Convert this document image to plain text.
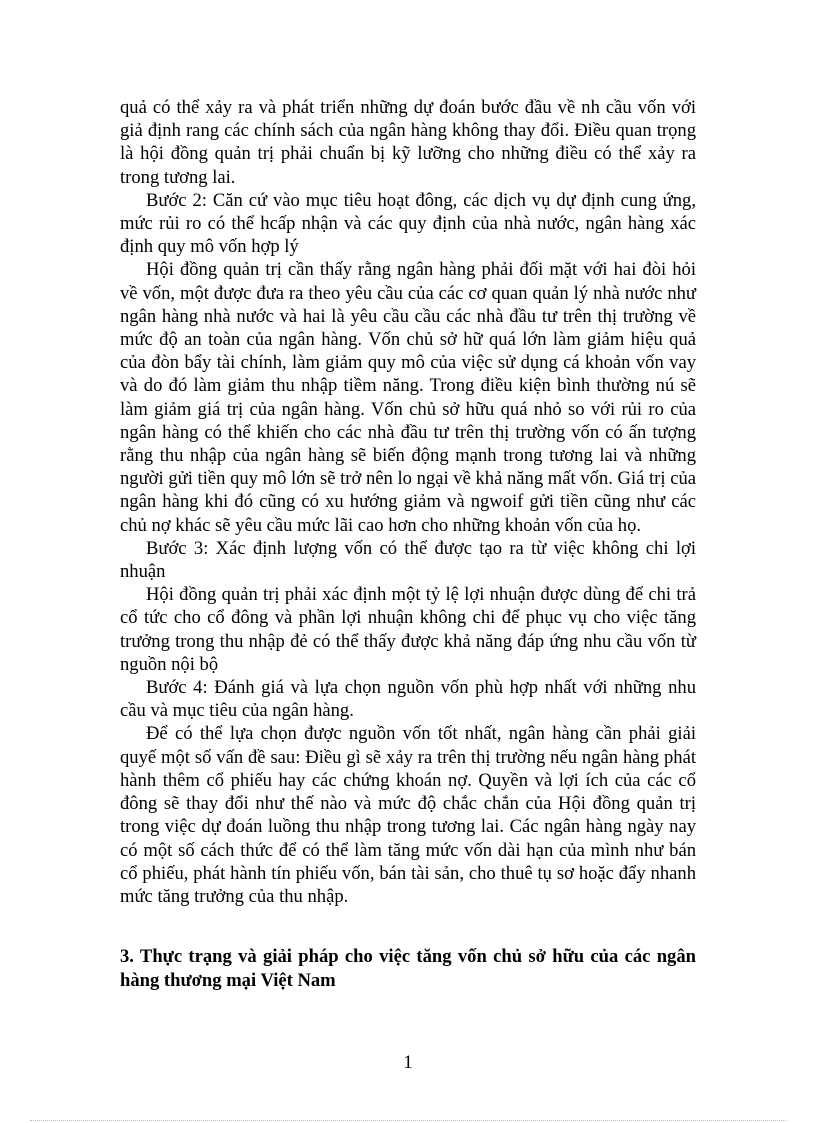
quả có thể xảy ra và phát triển những dự đoán bước đầu về nh cầu vốn với giả định rang các chính sách của ngân hàng không thay đổi. Điều quan trọng là hội đồng quản trị phải chuẩn bị kỹ lưỡng cho những điều có thể xảy ra trong tương lai.

Bước 2: Căn cứ vào mục tiêu hoạt đông, các dịch vụ dự định cung ứng, mức rủi ro có thể hcấp nhận và các quy định của nhà nước, ngân hàng xác định quy mô vốn hợp lý

Hội đồng quản trị cần thấy rằng ngân hàng phải đối mặt với hai đòi hỏi về vốn, một được đưa ra theo yêu cầu của các cơ quan quản lý nhà nước như ngân hàng nhà nước và hai là yêu cầu cầu các nhà đầu tư trên thị trường về mức độ an toàn của ngân hàng. Vốn chủ sở hữ quá lớn làm giảm hiệu quả của đòn bẩy tài chính, làm giảm quy mô của việc sử dụng cá khoản vốn vay và do đó làm giảm thu nhập tiềm năng. Trong điều kiện bình thường nú sẽ làm giảm giá trị của ngân hàng. Vốn chủ sở hữu quá nhỏ so với rủi ro của ngân hàng có thể khiến cho các nhà đầu tư trên thị trường vốn có ấn tượng rằng thu nhập của ngân hàng sẽ biến động mạnh trong tương lai và những người gửi tiền quy mô lớn sẽ trở nên lo ngại về khả năng mất vốn. Giá trị của ngân hàng khi đó cũng có xu hướng giảm và ngwoif gửi tiền cũng như các chủ nợ khác sẽ yêu cầu mức lãi cao hơn cho những khoản vốn của họ.

Bước 3: Xác định lượng vốn có thể được tạo ra từ việc không chi lợi nhuận

Hội đồng quản trị phải xác định một tỷ lệ lợi nhuận được dùng để chi trả cổ tức cho cổ đông và phần lợi nhuận không chi để phục vụ cho việc tăng trưởng trong thu nhập đẻ có thể thấy được khả năng đáp ứng nhu cầu vốn từ nguồn nội bộ

Bước 4: Đánh giá và lựa chọn nguồn vốn phù hợp nhất với những nhu cầu và mục tiêu của ngân hàng.

Để có thể lựa chọn được nguồn vốn tốt nhất, ngân hàng cần phải giải quyế một số vấn đề sau: Điều gì sẽ xảy ra trên thị trường nếu ngân hàng phát hành thêm cổ phiếu hay các chứng khoán nợ. Quyền và lợi ích của các cổ đông sẽ thay đổi như thế nào và mức độ chắc chắn của Hội đồng quản trị trong việc dự đoán luồng thu nhập trong tương lai. Các ngân hàng ngày nay có một số cách thức để có thể làm tăng mức vốn dài hạn của mình như bán cổ phiếu, phát hành tín phiếu vốn, bán tài sản, cho thuê tụ sơ hoặc đẩy nhanh mức tăng trưởng của thu nhập.

3. Thực trạng và giải pháp cho việc tăng vốn chủ sở hữu của các ngân hàng thương mại Việt Nam
1
